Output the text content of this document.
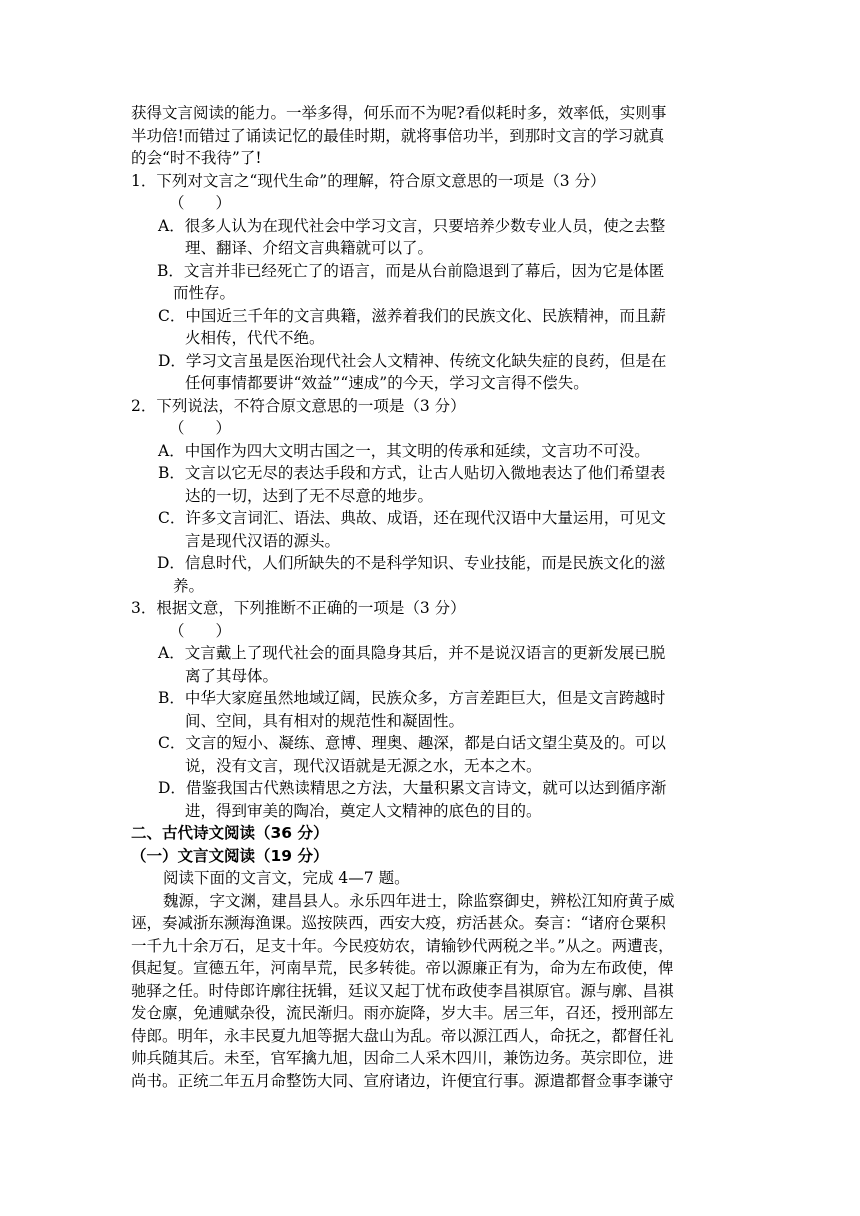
获得文言阅读的能力。一举多得，何乐而不为呢?看似耗时多，效率低，实则事
半功倍!而错过了诵读记忆的最佳时期，就将事倍功半，到那时文言的学习就真
的会“时不我待”了!
1．下列对文言之“现代生命”的理解，符合原文意思的一项是（3 分）
（　　）
A．很多人认为在现代社会中学习文言，只要培养少数专业人员，使之去整
理、翻译、介绍文言典籍就可以了。
B．文言并非已经死亡了的语言，而是从台前隐退到了幕后，因为它是体匿
而性存。
C．中国近三千年的文言典籍，滋养着我们的民族文化、民族精神，而且薪
火相传，代代不绝。
D．学习文言虽是医治现代社会人文精神、传统文化缺失症的良药，但是在
任何事情都要讲“效益”“速成”的今天，学习文言得不偿失。
2．下列说法，不符合原文意思的一项是（3 分）
（　　）
A．中国作为四大文明古国之一，其文明的传承和延续，文言功不可没。
B．文言以它无尽的表达手段和方式，让古人贴切入微地表达了他们希望表
达的一切，达到了无不尽意的地步。
C．许多文言词汇、语法、典故、成语，还在现代汉语中大量运用，可见文
言是现代汉语的源头。
D．信息时代，人们所缺失的不是科学知识、专业技能，而是民族文化的滋
养。
3．根据文意，下列推断不正确的一项是（3 分）
（　　）
A．文言戴上了现代社会的面具隐身其后，并不是说汉语言的更新发展已脱
离了其母体。
B．中华大家庭虽然地域辽阔，民族众多，方言差距巨大，但是文言跨越时
间、空间，具有相对的规范性和凝固性。
C．文言的短小、凝练、意博、理奥、趣深，都是白话文望尘莫及的。可以
说，没有文言，现代汉语就是无源之水，无本之木。
D．借鉴我国古代熟读精思之方法，大量积累文言诗文，就可以达到循序渐
进，得到审美的陶冶，奠定人文精神的底色的目的。
二、古代诗文阅读（36 分）
（一）文言文阅读（19 分）
阅读下面的文言文，完成 4—7 题。
魏源，字文渊，建昌县人。永乐四年进士，除监察御史，辨松江知府黄子威
诬，奏减浙东濒海渔课。巡按陕西，西安大疫，疠活甚众。奏言：“诸府仓粟积
一千九十余万石，足支十年。今民疫妨农，请输钞代两税之半。”从之。两遭丧，
俱起复。宣德五年，河南旱荒，民多转徙。帝以源廉正有为，命为左布政使，俾
驰驿之任。时侍郎许廓往抚辑，廷议又起丁忧布政使李昌祺原官。源与廓、昌祺
发仓廪，免逋赋杂役，流民渐归。雨亦旋降，岁大丰。居三年，召还，授刑部左
侍郎。明年，永丰民夏九旭等据大盘山为乱。帝以源江西人，命抚之，都督任礼
帅兵随其后。未至，官军擒九旭，因命二人采木四川，兼饬边务。英宗即位，进
尚书。正统二年五月命整饬大同、宣府诸边，许便宜行事。源遣都督佥事李谦守
